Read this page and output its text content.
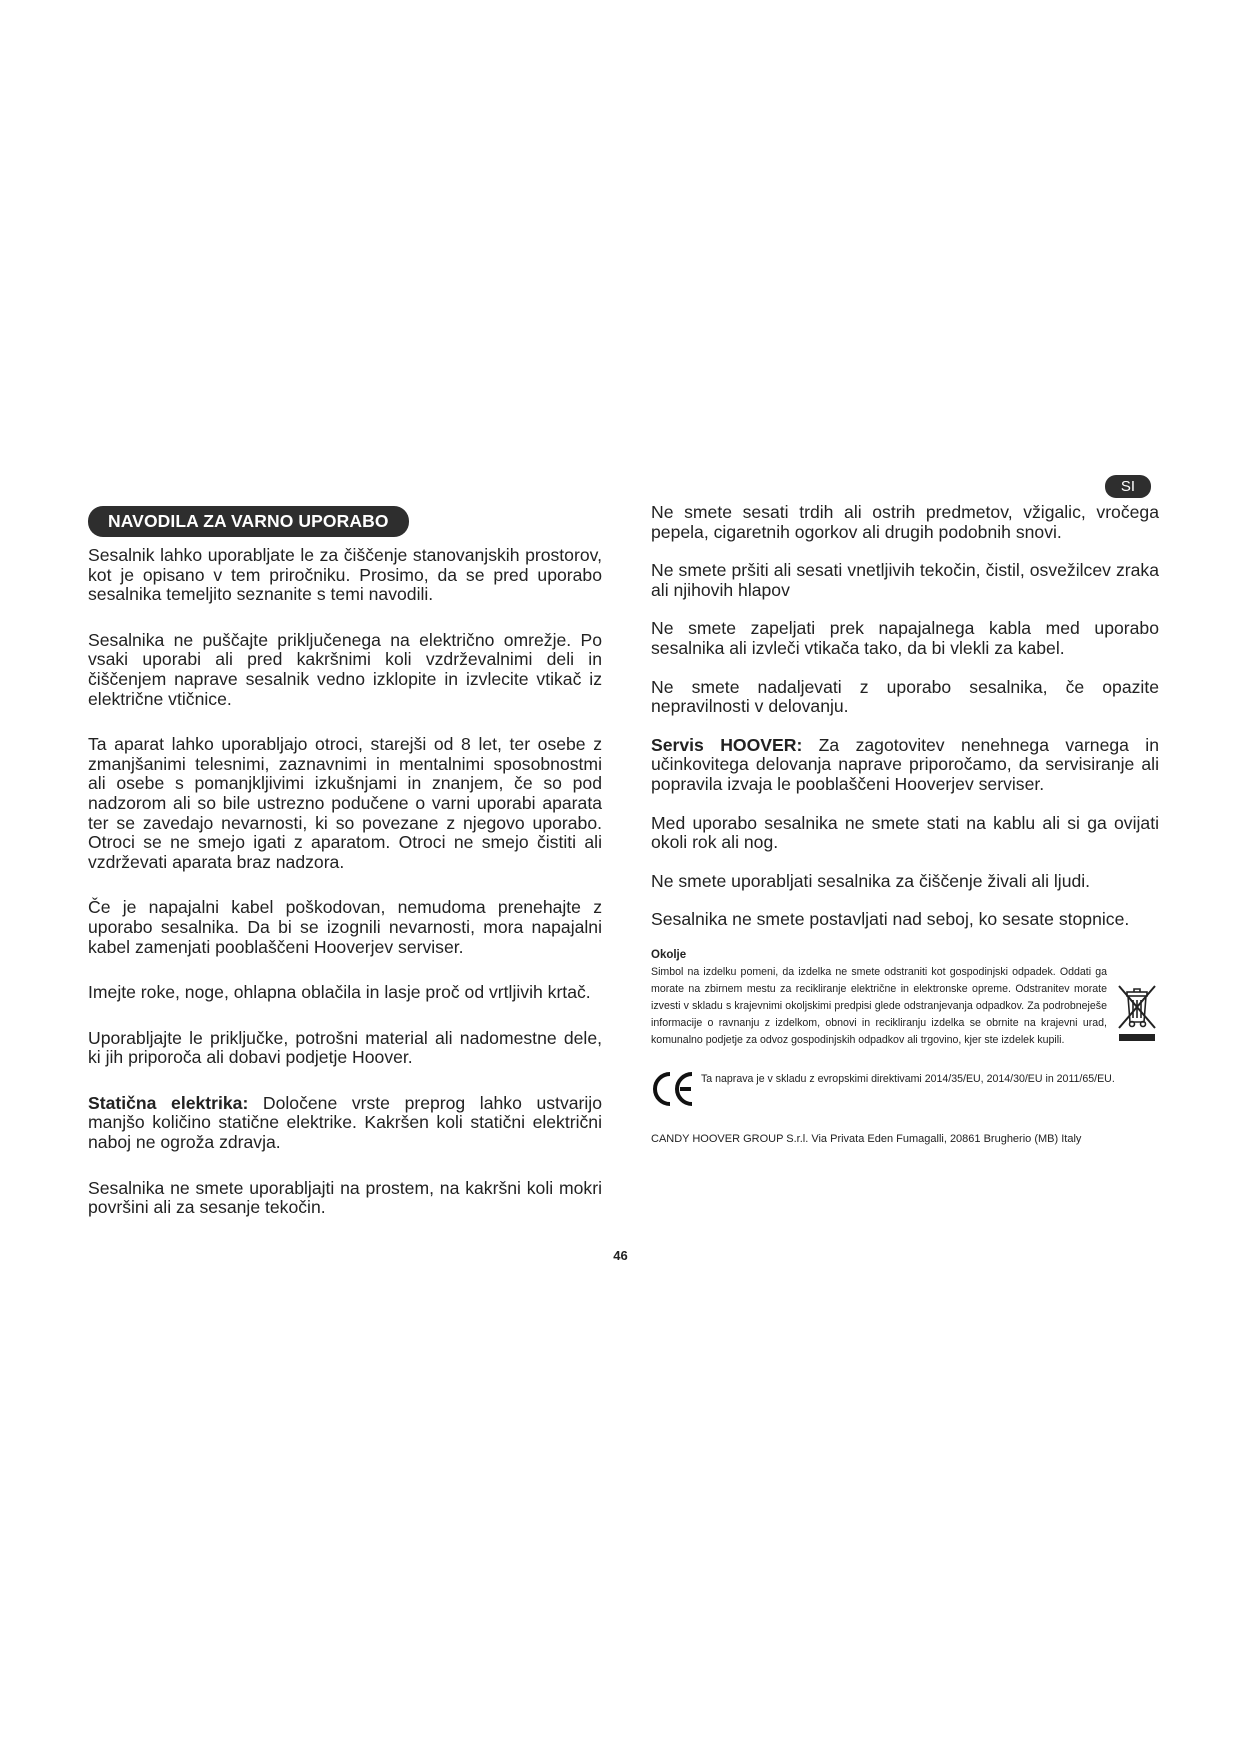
NAVODILA ZA VARNO UPORABO
SI

Sesalnik lahko uporabljate le za čiščenje stanovanjskih prostorov, kot je opisano v tem priročniku. Prosimo, da se pred uporabo sesalnika temeljito seznanite s temi navodili.

Sesalnika ne puščajte priključenega na električno omrežje. Po vsaki uporabi ali pred kakršnimi koli vzdrževalnimi deli in čiščenjem naprave sesalnik vedno izklopite in izvlecite vtikač iz električne vtičnice.

Ta aparat lahko uporabljajo otroci, starejši od 8 let, ter osebe z zmanjšanimi telesnimi, zaznavnimi in mentalnimi sposobnostmi ali osebe s pomanjkljivimi izkušnjami in znanjem, če so pod nadzorom ali so bile ustrezno podučene o varni uporabi aparata ter se zavedajo nevarnosti, ki so povezane z njegovo uporabo. Otroci se ne smejo igati z aparatom. Otroci ne smejo čistiti ali vzdrževati aparata braz nadzora.

Če je napajalni kabel poškodovan, nemudoma prenehajte z uporabo sesalnika. Da bi se izognili nevarnosti, mora napajalni kabel zamenjati pooblaščeni Hooverjev serviser.

Imejte roke, noge, ohlapna oblačila in lasje proč od vrtljivih krtač.

Uporabljajte le priključke, potrošni material ali nadomestne dele, ki jih priporoča ali dobavi podjetje Hoover.

Statična elektrika: Določene vrste preprog lahko ustvarijo manjšo količino statične elektrike. Kakršen koli statični električni naboj ne ogroža zdravja.

Sesalnika ne smete uporabljajti na prostem, na kakršni koli mokri površini ali za sesanje tekočin.

Ne smete sesati trdih ali ostrih predmetov, vžigalic, vročega pepela, cigaretnih ogorkov ali drugih podobnih snovi.

Ne smete pršiti ali sesati vnetljivih tekočin, čistil, osvežilcev zraka ali njihovih hlapov

Ne smete zapeljati prek napajalnega kabla med uporabo sesalnika ali izvleči vtikača tako, da bi vlekli za kabel.

Ne smete nadaljevati z uporabo sesalnika, če opazite nepravilnosti v delovanju.

Servis HOOVER: Za zagotovitev nenehnega varnega in učinkovitega delovanja naprave priporočamo, da servisiranje ali popravila izvaja le pooblaščeni Hooverjev serviser.

Med uporabo sesalnika ne smete stati na kablu ali si ga ovijati okoli rok ali nog.

Ne smete uporabljati sesalnika za čiščenje živali ali ljudi.

Sesalnika ne smete postavljati nad seboj, ko sesate stopnice.

Okolje

Simbol na izdelku pomeni, da izdelka ne smete odstraniti kot gospodinjski odpadek. Oddati ga morate na zbirnem mestu za recikliranje električne in elektronske opreme. Odstranitev morate izvesti v skladu s krajevnimi okoljskimi predpisi glede odstranjevanja odpadkov. Za podrobneješe informacije o ravnanju z izdelkom, obnovi in recikliranju izdelka se obrnite na krajevni urad, komunalno podjetje za odvoz gospodinjskih odpadkov ali trgovino, kjer ste izdelek kupili.

Ta naprava je v skladu z evropskimi direktivami 2014/35/EU, 2014/30/EU in 2011/65/EU.

CANDY HOOVER GROUP S.r.l. Via Privata Eden Fumagalli, 20861 Brugherio (MB) Italy
46
